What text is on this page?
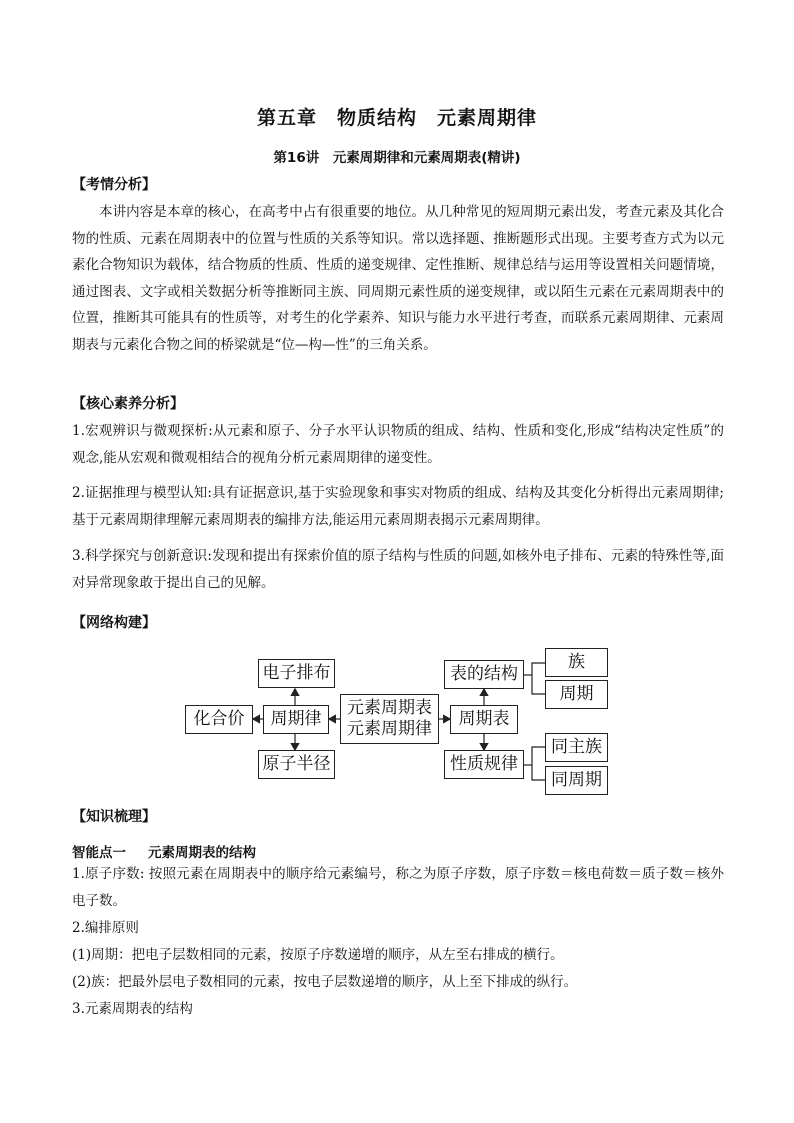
第五章　物质结构　元素周期律
第16讲　元素周期律和元素周期表(精讲)
【考情分析】
本讲内容是本章的核心，在高考中占有很重要的地位。从几种常见的短周期元素出发，考查元素及其化合物的性质、元素在周期表中的位置与性质的关系等知识。常以选择题、推断题形式出现。主要考查方式为以元素化合物知识为载体，结合物质的性质、性质的递变规律、定性推断、规律总结与运用等设置相关问题情境，通过图表、文字或相关数据分析等推断同主族、同周期元素性质的递变规律，或以陌生元素在元素周期表中的位置，推断其可能具有的性质等，对考生的化学素养、知识与能力水平进行考查，而联系元素周期律、元素周期表与元素化合物之间的桥梁就是“位—构—性”的三角关系。
【核心素养分析】
1.宏观辨识与微观探析:从元素和原子、分子水平认识物质的组成、结构、性质和变化,形成“结构决定性质”的观念,能从宏观和微观相结合的视角分析元素周期律的递变性。
2.证据推理与模型认知:具有证据意识,基于实验现象和事实对物质的组成、结构及其变化分析得出元素周期律;基于元素周期律理解元素周期表的编排方法,能运用元素周期表揭示元素周期律。
3.科学探究与创新意识:发现和提出有探索价值的原子结构与性质的问题,如核外电子排布、元素的特殊性等,面对异常现象敢于提出自己的见解。
【网络构建】
电子排布
化合价	周期律
原子半径
元素周期表
元素周期律	周期表
表的结构
性质规律
族
周期
同主族
同周期
【知识梳理】
智能点一 元素周期表的结构
1.原子序数: 按照元素在周期表中的顺序给元素编号，称之为原子序数，原子序数＝核电荷数＝质子数＝核外电子数。
2.编排原则
(1)周期：把电子层数相同的元素，按原子序数递增的顺序，从左至右排成的横行。
(2)族：把最外层电子数相同的元素，按电子层数递增的顺序，从上至下排成的纵行。
3.元素周期表的结构
